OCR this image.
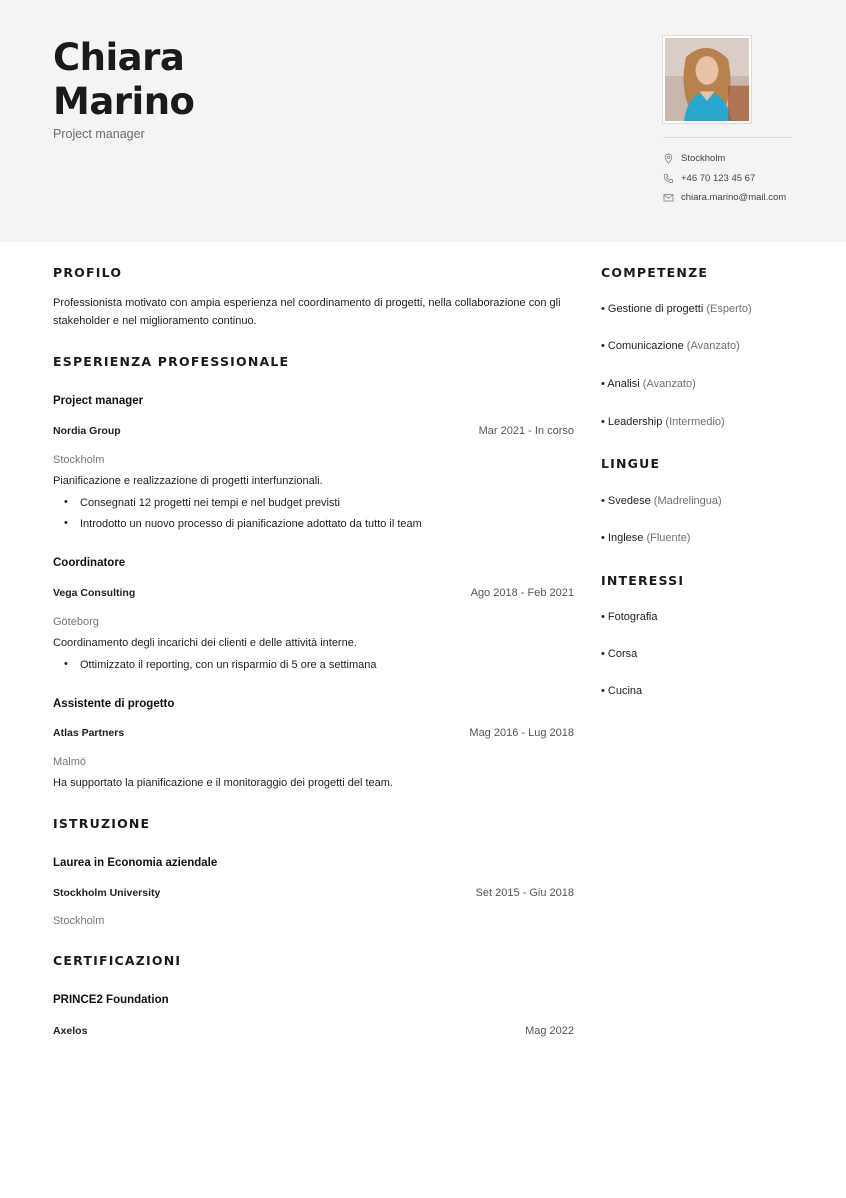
Chiara
Marino
Project manager
Stockholm
+46 70 123 45 67
chiara.marino@mail.com
PROFILO
Professionista motivato con ampia esperienza nel coordinamento di progetti, nella collaborazione con gli
stakeholder e nel miglioramento continuo.
ESPERIENZA PROFESSIONALE
Project manager
Nordia Group	Mar 2021 - In corso
Stockholm
Pianificazione e realizzazione di progetti interfunzionali.
• Consegnati 12 progetti nei tempi e nel budget previsti
• Introdotto un nuovo processo di pianificazione adottato da tutto il team
Coordinatore
Vega Consulting	Ago 2018 - Feb 2021
Göteborg
Coordinamento degli incarichi dei clienti e delle attività interne.
• Ottimizzato il reporting, con un risparmio di 5 ore a settimana
Assistente di progetto
Atlas Partners	Mag 2016 - Lug 2018
Malmö
Ha supportato la pianificazione e il monitoraggio dei progetti del team.
ISTRUZIONE
Laurea in Economia aziendale
Stockholm University	Set 2015 - Giu 2018
Stockholm
CERTIFICAZIONI
PRINCE2 Foundation
Axelos	Mag 2022
COMPETENZE
• Gestione di progetti (Esperto)
• Comunicazione (Avanzato)
• Analisi (Avanzato)
• Leadership (Intermedio)
LINGUE
• Svedese (Madrelingua)
• Inglese (Fluente)
INTERESSI
• Fotografia
• Corsa
• Cucina
